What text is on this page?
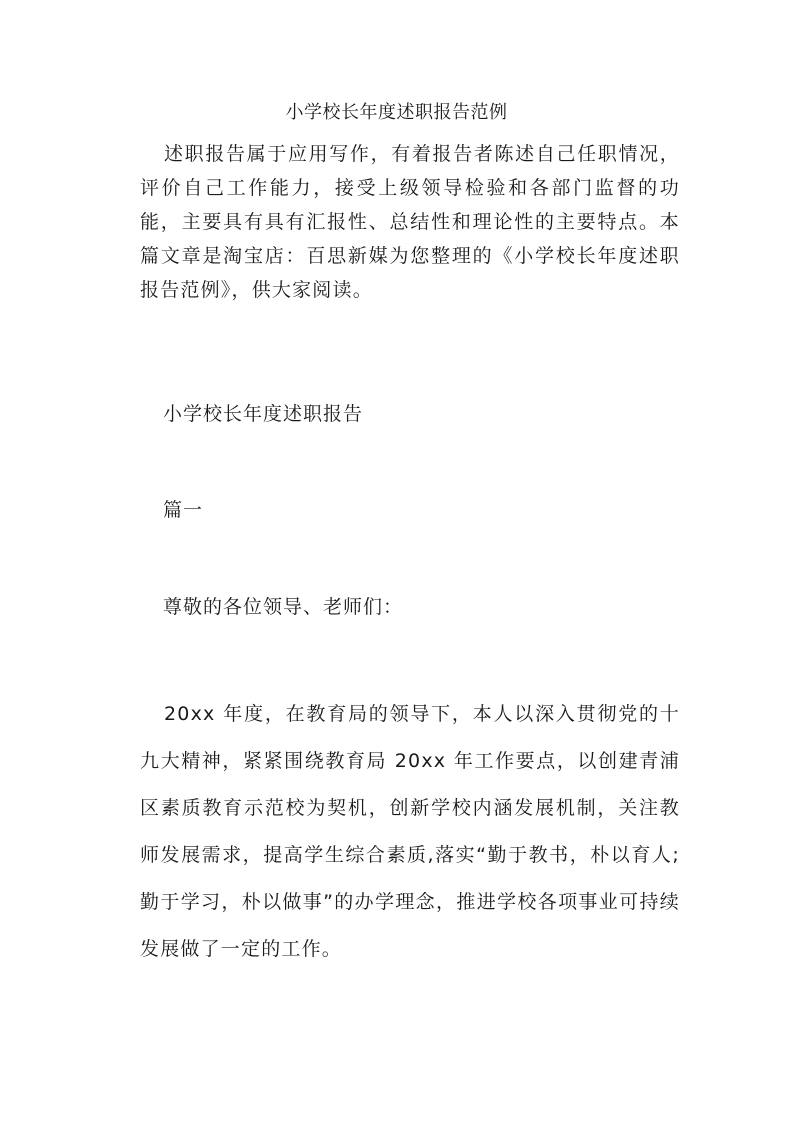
小学校长年度述职报告范例

述职报告属于应用写作，有着报告者陈述自己任职情况，评价自己工作能力，接受上级领导检验和各部门监督的功能，主要具有具有汇报性、总结性和理论性的主要特点。本篇文章是淘宝店：百思新媒为您整理的《小学校长年度述职报告范例》，供大家阅读。

小学校长年度述职报告

篇一

尊敬的各位领导、老师们：

20xx 年度，在教育局的领导下，本人以深入贯彻党的十九大精神，紧紧围绕教育局 20xx 年工作要点，以创建青浦区素质教育示范校为契机，创新学校内涵发展机制，关注教师发展需求，提高学生综合素质,落实“勤于教书，朴以育人;勤于学习，朴以做事”的办学理念，推进学校各项事业可持续发展做了一定的工作。
